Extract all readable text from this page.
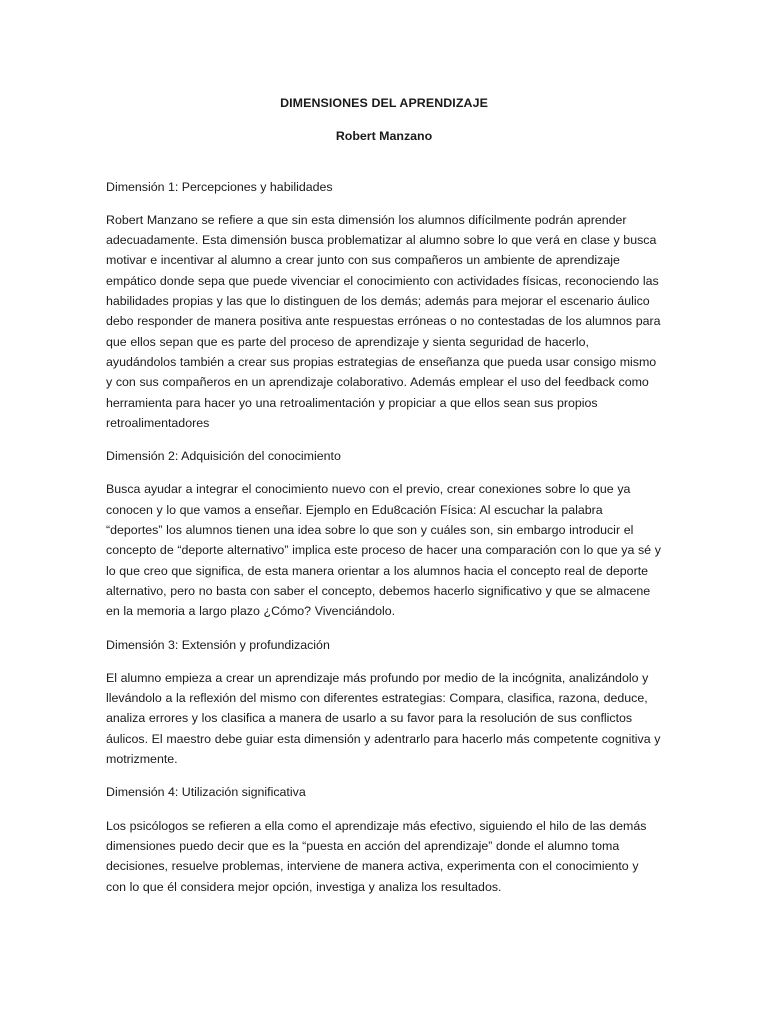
DIMENSIONES DEL APRENDIZAJE

Robert Manzano

Dimensión 1: Percepciones y habilidades

Robert Manzano se refiere a que sin esta dimensión los alumnos difícilmente podrán aprender adecuadamente. Esta dimensión busca problematizar al alumno sobre lo que verá en clase y busca motivar e incentivar al alumno a crear junto con sus compañeros un ambiente de aprendizaje empático donde sepa que puede vivenciar el conocimiento con actividades físicas, reconociendo las habilidades propias y las que lo distinguen de los demás; además para mejorar el escenario áulico debo responder de manera positiva ante respuestas erróneas o no contestadas de los alumnos para que ellos sepan que es parte del proceso de aprendizaje y sienta seguridad de hacerlo, ayudándolos también a crear sus propias estrategias de enseñanza que pueda usar consigo mismo y con sus compañeros en un aprendizaje colaborativo. Además emplear el uso del feedback como herramienta para hacer yo una retroalimentación y propiciar a que ellos sean sus propios retroalimentadores

Dimensión 2: Adquisición del conocimiento

Busca ayudar a integrar el conocimiento nuevo con el previo, crear conexiones sobre lo que ya conocen y lo que vamos a enseñar. Ejemplo en Edu8cación Física: Al escuchar la palabra “deportes” los alumnos tienen una idea sobre lo que son y cuáles son, sin embargo introducir el concepto de “deporte alternativo” implica este proceso de hacer una comparación con lo que ya sé y lo que creo que significa, de esta manera orientar a los alumnos hacia el concepto real de deporte alternativo, pero no basta con saber el concepto, debemos hacerlo significativo y que se almacene en la memoria a largo plazo ¿Cómo? Vivenciándolo.

Dimensión 3: Extensión y profundización

El alumno empieza a crear un aprendizaje más profundo por medio de la incógnita, analizándolo y llevándolo a la reflexión del mismo con diferentes estrategias: Compara, clasifica, razona, deduce, analiza errores y los clasifica a manera de usarlo a su favor para la resolución de sus conflictos áulicos. El maestro debe guiar esta dimensión y adentrarlo para hacerlo más competente cognitiva y motrizmente.

Dimensión 4: Utilización significativa

Los psicólogos se refieren a ella como el aprendizaje más efectivo, siguiendo el hilo de las demás dimensiones puedo decir que es la “puesta en acción del aprendizaje” donde el alumno toma decisiones, resuelve problemas, interviene de manera activa, experimenta con el conocimiento y con lo que él considera mejor opción, investiga y analiza los resultados.
